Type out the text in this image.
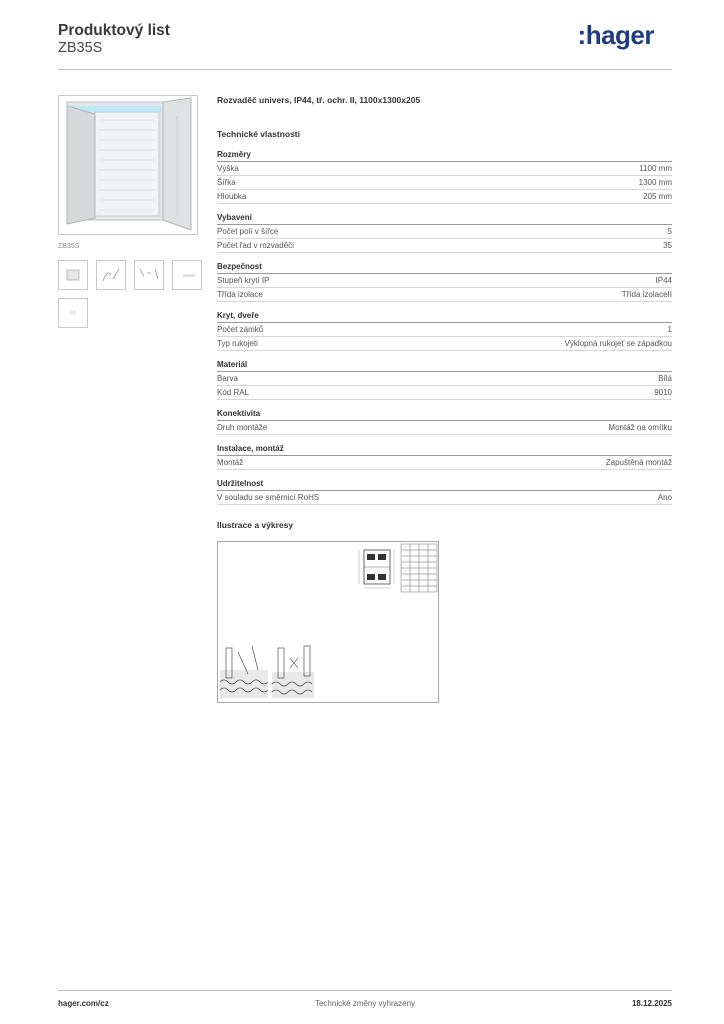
Produktový list
ZB35S	:hager
ZB35S
Rozvaděč univers, IP44, tř. ochr. II, 1100x1300x205
Technické vlastnosti
Rozměry
Výška	1100 mm
Šířka	1300 mm
Hloubka	205 mm
Vybavení
Počet polí v šířce	5
Počet řad v rozvaděči	35
Bezpečnost
Stupeň krytí IP	IP44
Třída izolace	Třída izolaceII
Kryt, dveře
Počet zámků	1
Typ rukojeti	Výklopná rukojeť se západkou
Materiál
Barva	Bílá
Kód RAL	9010
Konektivita
Druh montáže	Montáž na omítku
Instalace, montáž
Montáž	Zapuštěná montáž
Udržitelnost
V souladu se směrnicí RoHS	Ano
Ilustrace a výkresy
hager.com/cz	Technické změny vyhrazeny	18.12.2025
